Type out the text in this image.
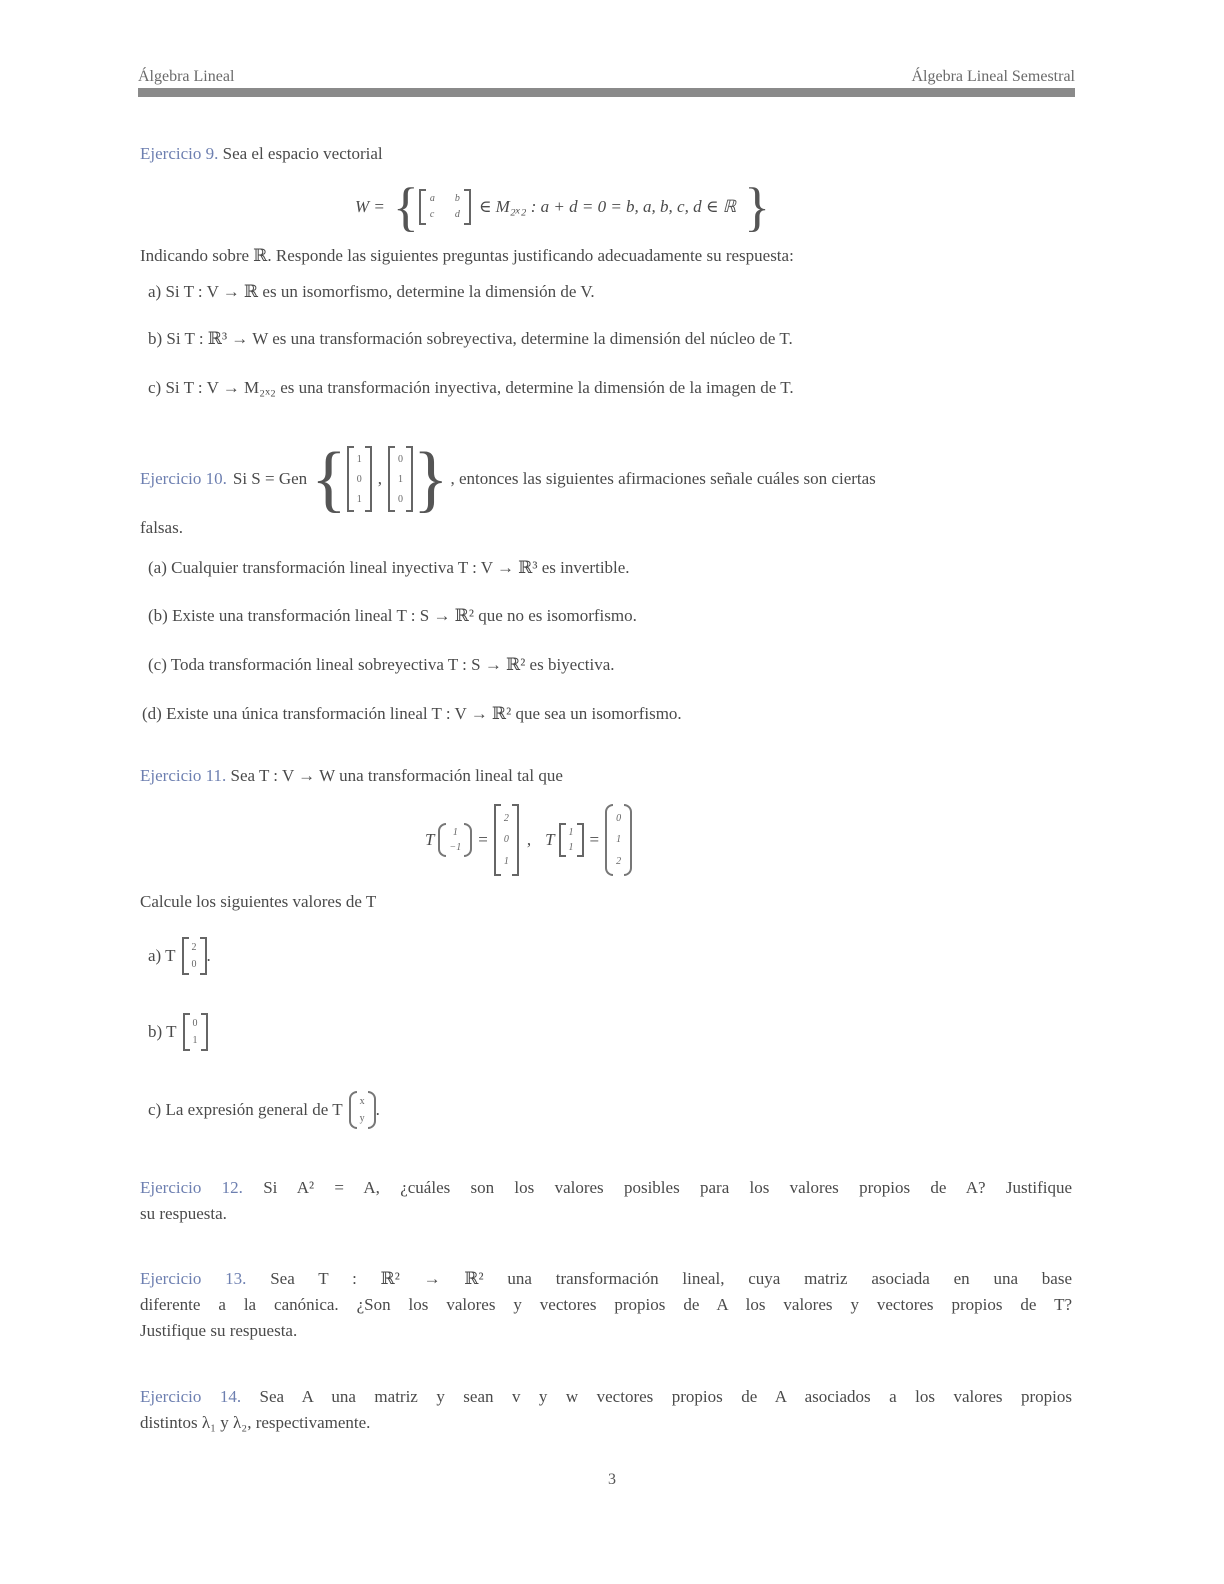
Álgebra Lineal	Álgebra Lineal Semestral
Ejercicio 9. Sea el espacio vectorial
W = { a b
c d ∈ M₂ₓ₂ : a + d = 0 = b, a, b, c, d ∈ ℝ }
Indicando sobre ℝ. Responde las siguientes preguntas justificando adecuadamente su respuesta:
a) Si T : V → ℝ es un isomorfismo, determine la dimensión de V.
b) Si T : ℝ³ → W es una transformación sobreyectiva, determine la dimensión del núcleo de T.
c) Si T : V → M₂ₓ₂ es una transformación inyectiva, determine la dimensión de la imagen de T.
Ejercicio 10. Si S = Gen { 1
0
1
,
0
1
0 } , entonces las siguientes afirmaciones señale cuáles son ciertas
falsas.
(a) Cualquier transformación lineal inyectiva T : V → ℝ³ es invertible.
(b) Existe una transformación lineal T : S → ℝ² que no es isomorfismo.
(c) Toda transformación lineal sobreyectiva T : S → ℝ² es biyectiva.
(d) Existe una única transformación lineal T : V → ℝ² que sea un isomorfismo.
Ejercicio 11. Sea T : V → W una transformación lineal tal que
T	1
−1 =
2
0
1
, T 1
1 =
0
1
2
Calcule los siguientes valores de T
a) T 2
0 .
b) T 0
1
c) La expresión general de T x
y .
Ejercicio 12. Si A² = A, ¿cuáles son los valores posibles para los valores propios de A? Justifique
su respuesta.
Ejercicio 13. Sea T : ℝ² → ℝ² una transformación lineal, cuya matriz asociada en una base
diferente a la canónica. ¿Son los valores y vectores propios de A los valores y vectores propios de T?
Justifique su respuesta.
Ejercicio 14. Sea A una matriz y sean v y w vectores propios de A asociados a los valores propios
distintos λ₁ y λ₂, respectivamente.
3
